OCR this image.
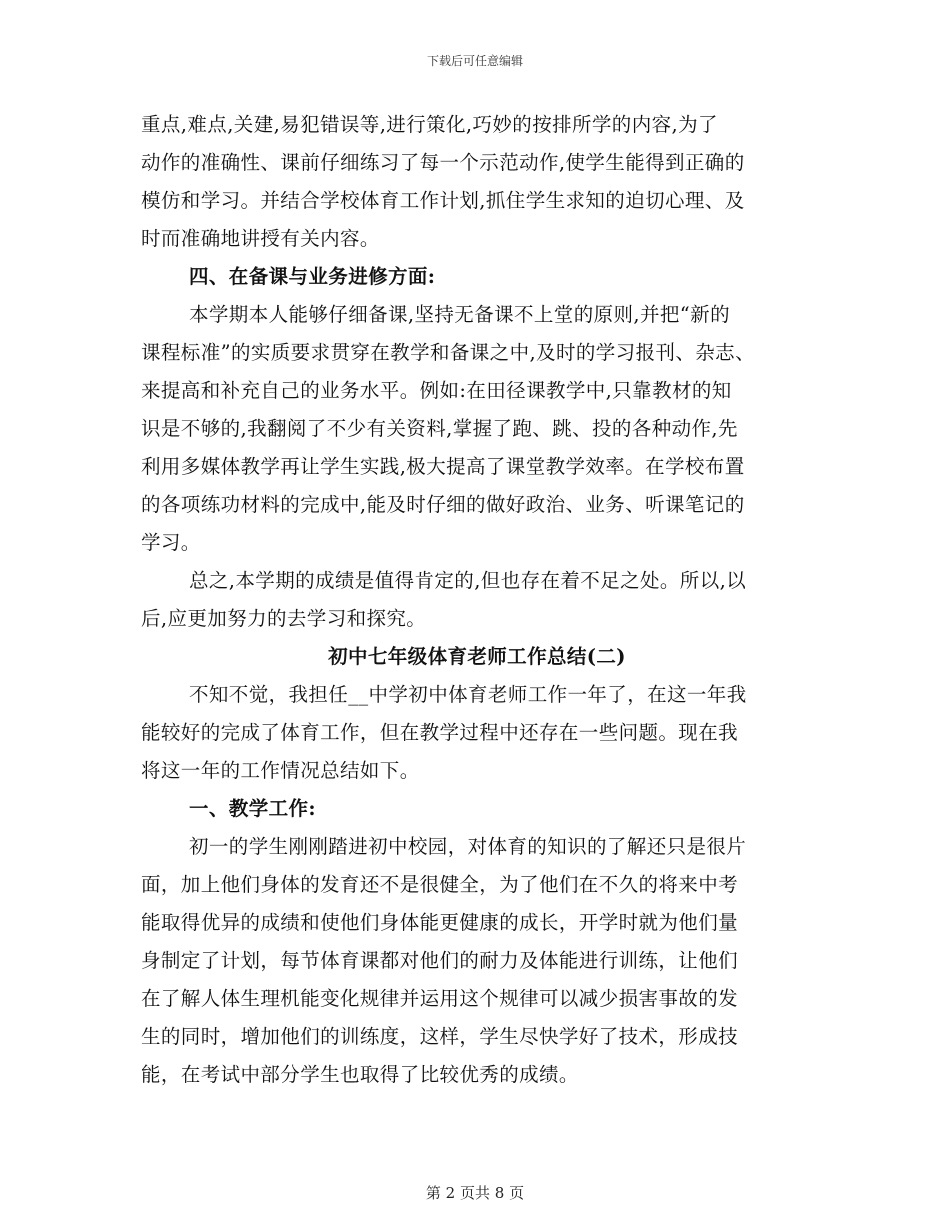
下载后可任意编辑
重点,难点,关建,易犯错误等,进行策化,巧妙的按排所学的内容,为了
动作的准确性、课前仔细练习了每一个示范动作,使学生能得到正确的
模仿和学习。并结合学校体育工作计划,抓住学生求知的迫切心理、及
时而准确地讲授有关内容。
四、在备课与业务进修方面:
本学期本人能够仔细备课,坚持无备课不上堂的原则,并把“新的
课程标准”的实质要求贯穿在教学和备课之中,及时的学习报刊、杂志、
来提高和补充自己的业务水平。例如:在田径课教学中,只靠教材的知
识是不够的,我翻阅了不少有关资料,掌握了跑、跳、投的各种动作,先
利用多媒体教学再让学生实践,极大提高了课堂教学效率。在学校布置
的各项练功材料的完成中,能及时仔细的做好政治、业务、听课笔记的
学习。
总之,本学期的成绩是值得肯定的,但也存在着不足之处。所以,以
后,应更加努力的去学习和探究。
初中七年级体育老师工作总结(二)
不知不觉，我担任__中学初中体育老师工作一年了，在这一年我
能较好的完成了体育工作，但在教学过程中还存在一些问题。现在我
将这一年的工作情况总结如下。
一、教学工作:
初一的学生刚刚踏进初中校园，对体育的知识的了解还只是很片
面，加上他们身体的发育还不是很健全，为了他们在不久的将来中考
能取得优异的成绩和使他们身体能更健康的成长，开学时就为他们量
身制定了计划，每节体育课都对他们的耐力及体能进行训练，让他们
在了解人体生理机能变化规律并运用这个规律可以减少损害事故的发
生的同时，增加他们的训练度，这样，学生尽快学好了技术，形成技
能，在考试中部分学生也取得了比较优秀的成绩。
第 2 页共 8 页
